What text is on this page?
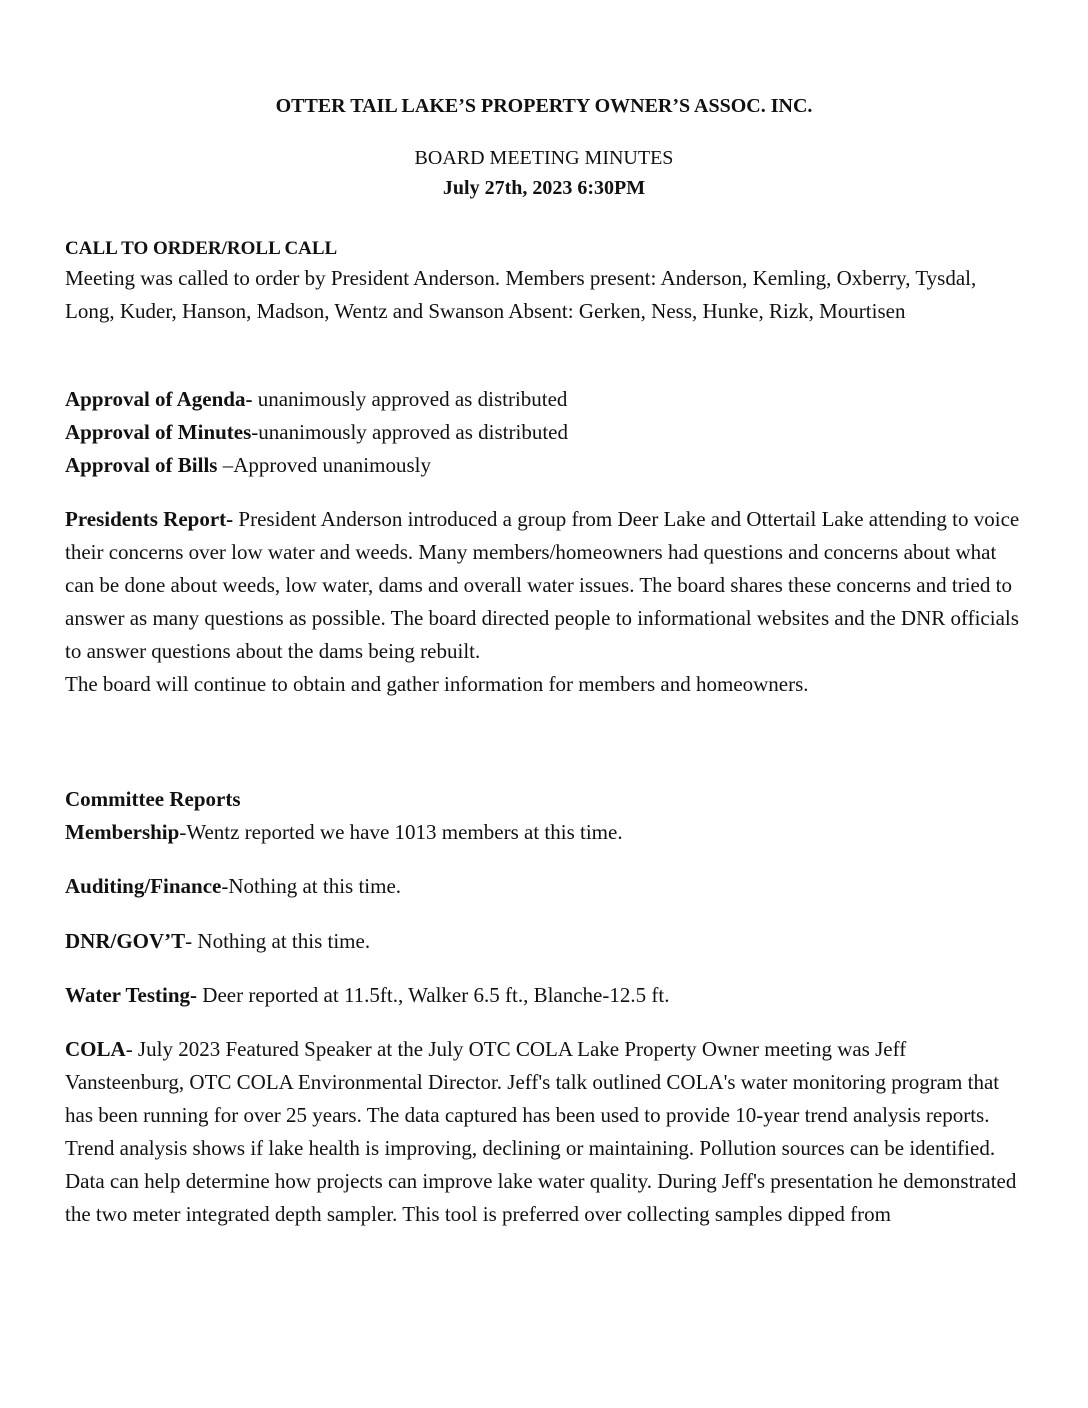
OTTER TAIL LAKE’S PROPERTY OWNER’S ASSOC. INC.
BOARD MEETING MINUTES
July 27th, 2023 6:30PM
CALL TO ORDER/ROLL CALL

Meeting was called to order by President Anderson. Members present: Anderson, Kemling, Oxberry, Tysdal, Long, Kuder, Hanson, Madson, Wentz and Swanson Absent: Gerken, Ness, Hunke, Rizk, Mourtisen

Approval of Agenda- unanimously approved as distributed

Approval of Minutes-unanimously approved as distributed

Approval of Bills –Approved unanimously

Presidents Report- President Anderson introduced a group from Deer Lake and Ottertail Lake attending to voice their concerns over low water and weeds. Many members/homeowners had questions and concerns about what can be done about weeds, low water, dams and overall water issues. The board shares these concerns and tried to answer as many questions as possible. The board directed people to informational websites and the DNR officials to answer questions about the dams being rebuilt.

The board will continue to obtain and gather information for members and homeowners.

Committee Reports

Membership-Wentz reported we have 1013 members at this time.

Auditing/Finance-Nothing at this time.

DNR/GOV’T- Nothing at this time.

Water Testing- Deer reported at 11.5ft., Walker 6.5 ft., Blanche-12.5 ft.

COLA- July 2023 Featured Speaker at the July OTC COLA Lake Property Owner meeting was Jeff Vansteenburg, OTC COLA Environmental Director. Jeff's talk outlined COLA's water monitoring program that has been running for over 25 years. The data captured has been used to provide 10-year trend analysis reports. Trend analysis shows if lake health is improving, declining or maintaining. Pollution sources can be identified. Data can help determine how projects can improve lake water quality. During Jeff's presentation he demonstrated the two meter integrated depth sampler. This tool is preferred over collecting samples dipped from
